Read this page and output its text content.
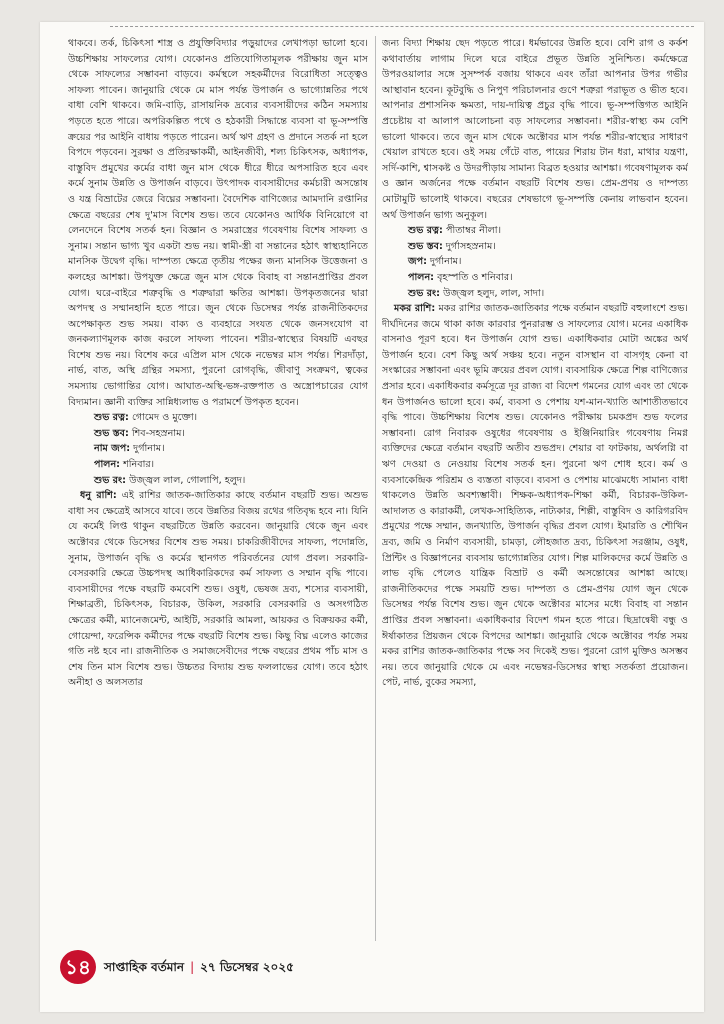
থাকবে। তর্ক, চিকিৎসা শাস্ত্র ও প্রযুক্তিবিদ্যার পড়ুয়াদের লেখাপড়া ভালো হবে। উচ্চশিক্ষায় সাফল্যের যোগ। যেকোনও প্রতিযোগিতামূলক পরীক্ষায় জুন মাস থেকে সাফল্যের সম্ভাবনা বাড়বে। কর্মস্থলে সহকর্মীদের বিরোধিতা সত্ত্বেও সাফল্য পাবেন। জানুয়ারি থেকে মে মাস পর্যন্ত উপার্জন ও ভাগ্যোন্নতির পথে বাধা বেশি থাকবে। জমি-বাড়ি, রাসায়নিক দ্রব্যের ব্যবসায়ীদের কঠিন সমস্যায় পড়তে হতে পারে। অপরিকল্পিত পথে ও হঠকারী সিদ্ধান্তে ব্যবসা বা ভূ-সম্পত্তি ক্রয়ের পর আইনি বাধায় পড়তে পারেন। অর্থ ঋণ গ্রহণ ও প্রদানে সতর্ক না হলে বিপদে পড়বেন। সুরক্ষা ও প্রতিরক্ষাকর্মী, আইনজীবী, শল্য চিকিৎসক, অধ্যাপক, বাস্তুবিদ প্রমুখের কর্মের বাধা জুন মাস থেকে ধীরে ধীরে অপসারিত হবে এবং কর্মে সুনাম উন্নতি ও উপার্জন বাড়বে। উৎপাদক ব্যবসায়ীদের কর্মচারী অসন্তোষ ও যন্ত্র বিভ্রাটের জেরে বিঘ্নের সম্ভাবনা। বৈদেশিক বাণিজ্যের আমদানি রপ্তানির ক্ষেত্রে বছরের শেষ দু'মাস বিশেষ শুভ। তবে যেকোনও আর্থিক বিনিয়োগে বা লেনদেনে বিশেষ সতর্ক হন। বিজ্ঞান ও সমরাস্ত্রের গবেষণায় বিশেষ সাফল্য ও সুনাম। সন্তান ভাগ্য খুব একটা শুভ নয়। স্বামী-স্ত্রী বা সন্তানের হঠাৎ স্বাস্থ্যহানিতে মানসিক উদ্বেগ বৃদ্ধি। দাম্পত্য ক্ষেত্রে তৃতীয় পক্ষের জন্য মানসিক উত্তেজনা ও কলহের আশঙ্কা। উপযুক্ত ক্ষেত্রে জুন মাস থেকে বিবাহ বা সন্তানপ্রাপ্তির প্রবল যোগ। ঘরে-বাইরে শত্রুবৃদ্ধি ও শত্রুদ্বারা ক্ষতির আশঙ্কা। উপকৃতজনের দ্বারা অপদস্থ ও সম্মানহানি হতে পারে। জুন থেকে ডিসেম্বর পর্যন্ত রাজনীতিকদের অপেক্ষাকৃত শুভ সময়। বাক্য ও ব্যবহারে সংযত থেকে জনসংযোগ বা জনকল্যাণমূলক কাজ করলে সাফল্য পাবেন। শরীর-স্বাস্থ্যের বিষয়টি এবছর বিশেষ শুভ নয়। বিশেষ করে এপ্রিল মাস থেকে নভেম্বর মাস পর্যন্ত। শিরদাঁড়া, নার্ভ, বাত, অস্থি গ্রন্থির সমস্যা, পুরনো রোগবৃদ্ধি, জীবাণু সংক্রমণ, ত্বকের সমস্যায় ভোগান্তির যোগ। আঘাত-অস্থি-ভঙ্গ-রক্তপাত ও অস্ত্রোপচারের যোগ বিদ্যমান। জ্ঞানী ব্যক্তির সান্নিধ্যলাভ ও পরামর্শে উপকৃত হবেন।

শুভ রত্ন: গোমেদ ও মুক্তো।

শুভ স্তব: শিব-সহস্রনাম।

নাম জপ: দুর্গানাম।

পালন: শনিবার।

শুভ রং: উজ্জ্বল লাল, গোলাপি, হলুদ।

ধনু রাশি: এই রাশির জাতক-জাতিকার কাছে বর্তমান বছরটি শুভ। অশুভ বাধা সব ক্ষেত্রেই আসবে যাবে। তবে উন্নতির বিজয় রথের গতিবৃদ্ধ হবে না। যিনি যে কর্মেই লিপ্ত থাকুন বছরটিতে উন্নতি করবেন। জানুয়ারি থেকে জুন এবং অক্টোবর থেকে ডিসেম্বর বিশেষ শুভ সময়। চাকরিজীবীদের সাফল্য, পদোন্নতি, সুনাম, উপার্জন বৃদ্ধি ও কর্মের স্থানগত পরিবর্তনের যোগ প্রবল। সরকারি-বেসরকারি ক্ষেত্রে উচ্চপদস্থ আধিকারিকদের কর্ম সাফল্য ও সম্মান বৃদ্ধি পাবে। ব্যবসায়ীদের পক্ষে বছরটি কমবেশি শুভ। ওষুধ, ভেষজ দ্রব্য, শস্যের ব্যবসায়ী, শিক্ষাব্রতী, চিকিৎসক, বিচারক, উকিল, সরকারি বেসরকারি ও অসংগঠিত ক্ষেত্রের কর্মী, ম্যানেজমেন্ট, আইটি, সরকারি আমলা, আয়কর ও বিক্রয়কর কর্মী, গোয়েন্দা, ফরেন্সিক কর্মীদের পক্ষে বছরটি বিশেষ শুভ। কিছু বিঘ্ন এলেও কাজের গতি নষ্ট হবে না। রাজনীতিক ও সমাজসেবীদের পক্ষে বছরের প্রথম পাঁচ মাস ও শেষ তিন মাস বিশেষ শুভ। উচ্চতর বিদ্যায় শুভ ফললাভের যোগ। তবে হঠাৎ অনীহা ও অলসতার

জন্য বিদ্যা শিক্ষায় ছেদ পড়তে পারে। ধর্মভাবের উন্নতি হবে। বেশি রাগ ও কর্কশ কথাবার্তায় লাগাম দিলে ঘরে বাইরে প্রভূত উন্নতি সুনিশ্চিত। কর্মক্ষেত্রে উপরওয়ালার সঙ্গে সুসম্পর্ক বজায় থাকবে এবং তাঁরা আপনার উপর গভীর আস্থাবান হবেন। কূটবুদ্ধি ও নিপুণ পরিচালনার গুণে শত্রুরা পরাভূত ও ভীত হবে। আপনার প্রশাসনিক ক্ষমতা, দায়-দায়িত্ব প্রচুর বৃদ্ধি পাবে। ভূ-সম্পত্তিগত আইনি প্রচেষ্টায় বা আলাপ আলোচনা বড় সাফল্যের সম্ভাবনা। শরীর-স্বাস্থ্য কম বেশি ভালো থাকবে। তবে জুন মাস থেকে অক্টোবর মাস পর্যন্ত শরীর-স্বাস্থ্যের সাধারণ খেয়াল রাখতে হবে। ওই সময় গেঁটে বাত, পায়ের শিরায় টান ধরা, মাথার যন্ত্রণা, সর্দি-কাশি, শ্বাসকষ্ট ও উদরপীড়ায় সামান্য বিব্রত হওয়ার আশঙ্কা। গবেষণামূলক কর্ম ও জ্ঞান অর্জনের পক্ষে বর্তমান বছরটি বিশেষ শুভ। প্রেম-প্রণয় ও দাম্পত্য মোটামুটি ভালোই থাকবে। বছরের শেষভাগে ভূ-সম্পত্তি কেনায় লাভবান হবেন। অর্থ উপার্জন ভাগ্য অনুকূল।

শুভ রত্ন: পীতাম্বর নীলা।

শুভ স্তব: দুর্গাসহস্রনাম।

জপ: দুর্গানাম।

পালন: বৃহস্পতি ও শনিবার।

শুভ রং: উজ্জ্বল হলুদ, লাল, সাদা।

মকর রাশি: মকর রাশির জাতক-জাতিকার পক্ষে বর্তমান বছরটি বহুলাংশে শুভ। দীর্ঘদিনের জমে থাকা কাজ কারবার পুনরারম্ভ ও সাফল্যের যোগ। মনের একাধিক বাসনাও পূরণ হবে। ধন উপার্জন যোগ শুভ। একাধিকবার মোটা অঙ্কের অর্থ উপার্জন হবে। বেশ কিছু অর্থ সঞ্চয় হবে। নতুন বাসস্থান বা বাসগৃহ কেনা বা সংস্কারের সম্ভাবনা এবং ভূমি ক্রয়ের প্রবল যোগ। ব্যবসায়িক ক্ষেত্রে শিল্প বাণিজ্যের প্রসার হবে। একাধিকবার কর্মসূত্রে দূর রাজ্য বা বিদেশ গমনের যোগ এবং তা থেকে ধন উপার্জনও ভালো হবে। কর্ম, ব্যবসা ও পেশায় যশ-মান-খ্যাতি আশাতীতভাবে বৃদ্ধি পাবে। উচ্চশিক্ষায় বিশেষ শুভ। যেকোনও পরীক্ষায় চমকপ্রদ শুভ ফলের সম্ভাবনা। রোগ নিবারক ওষুধের গবেষণায় ও ইঞ্জিনিয়ারিং গবেষণায় নিমগ্ন ব্যক্তিদের ক্ষেত্রে বর্তমান বছরটি অতীব শুভপ্রদ। শেয়ার বা ফাটকায়, অর্থলগ্নি বা ঋণ দেওয়া ও নেওয়ায় বিশেষ সতর্ক হন। পুরনো ঋণ শোধ হবে। কর্ম ও ব্যবসাকেন্দ্রিক পরিশ্রম ও ব্যস্ততা বাড়বে। ব্যবসা ও পেশায় মাঝেমধ্যে সামান্য বাধা থাকলেও উন্নতি অবশ্যম্ভাবী। শিক্ষক-অধ্যাপক-শিক্ষা কর্মী, বিচারক-উকিল-আদালত ও কারাকর্মী, লেখক-সাহিত্যিক, নাট্যকার, শিল্পী, বাস্তুবিদ ও কারিগরবিদ প্রমুখের পক্ষে সম্মান, জনখ্যাতি, উপার্জন বৃদ্ধির প্রবল যোগ। ইমারতি ও শৌখিন দ্রব্য, জমি ও নির্মাণ ব্যবসায়ী, চামড়া, লৌহজাত দ্রব্য, চিকিৎসা সরঞ্জাম, ওষুধ, প্রিন্টিং ও বিজ্ঞাপনের ব্যবসায় ভাগ্যোন্নতির যোগ। শিল্প মালিকদের কর্মে উন্নতি ও লাভ বৃদ্ধি পেলেও যান্ত্রিক বিভ্রাট ও কর্মী অসন্তোষের আশঙ্কা আছে। রাজনীতিকদের পক্ষে সময়টি শুভ। দাম্পত্য ও প্রেম-প্রণয় যোগ জুন থেকে ডিসেম্বর পর্যন্ত বিশেষ শুভ। জুন থেকে অক্টোবর মাসের মধ্যে বিবাহ বা সন্তান প্রাপ্তির প্রবল সম্ভাবনা। একাধিকবার বিদেশ গমন হতে পারে। ছিদ্রান্বেষী বন্ধু ও ঈর্ষাকাতর প্রিয়জন থেকে বিপদের আশঙ্কা। জানুয়ারি থেকে অক্টোবর পর্যন্ত সময় মকর রাশির জাতক-জাতিকার পক্ষে সব দিকেই শুভ। পুরনো রোগ মুক্তিও অসম্ভব নয়। তবে জানুয়ারি থেকে মে এবং নভেম্বর-ডিসেম্বর স্বাস্থ্য সতর্কতা প্রয়োজন। পেট, নার্ভ, বুকের সমস্যা,

১৪	সাপ্তাহিক বর্তমান | ২৭ ডিসেম্বর ২০২৫
